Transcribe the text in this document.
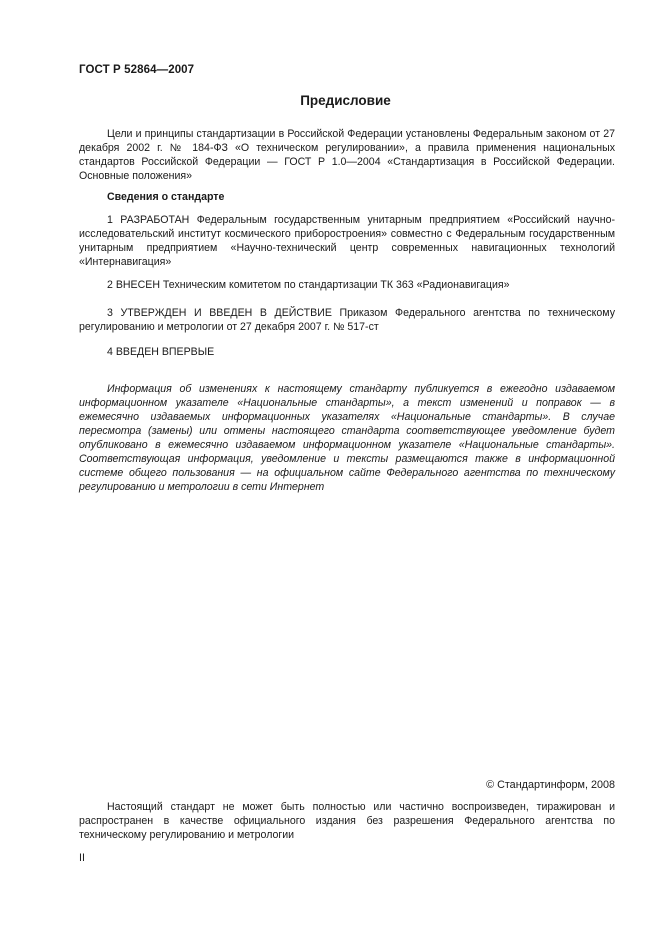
ГОСТ Р 52864—2007
Предисловие
Цели и принципы стандартизации в Российской Федерации установлены Федеральным законом от 27 декабря 2002 г. № 184-ФЗ «О техническом регулировании», а правила применения национальных стандартов Российской Федерации — ГОСТ Р 1.0—2004 «Стандартизация в Российской Федерации. Основные положения»
Сведения о стандарте
1 РАЗРАБОТАН Федеральным государственным унитарным предприятием «Российский научно-исследовательский институт космического приборостроения» совместно с Федеральным государственным унитарным предприятием «Научно-технический центр современных навигационных технологий «Интернавигация»
2 ВНЕСЕН Техническим комитетом по стандартизации ТК 363 «Радионавигация»
3 УТВЕРЖДЕН И ВВЕДЕН В ДЕЙСТВИЕ Приказом Федерального агентства по техническому регулированию и метрологии от 27 декабря 2007 г. № 517-ст
4 ВВЕДЕН ВПЕРВЫЕ
Информация об изменениях к настоящему стандарту публикуется в ежегодно издаваемом информационном указателе «Национальные стандарты», а текст изменений и поправок — в ежемесячно издаваемых информационных указателях «Национальные стандарты». В случае пересмотра (замены) или отмены настоящего стандарта соответствующее уведомление будет опубликовано в ежемесячно издаваемом информационном указателе «Национальные стандарты». Соответствующая информация, уведомление и тексты размещаются также в информационной системе общего пользования — на официальном сайте Федерального агентства по техническому регулированию и метрологии в сети Интернет
© Стандартинформ, 2008
Настоящий стандарт не может быть полностью или частично воспроизведен, тиражирован и распространен в качестве официального издания без разрешения Федерального агентства по техническому регулированию и метрологии
II
